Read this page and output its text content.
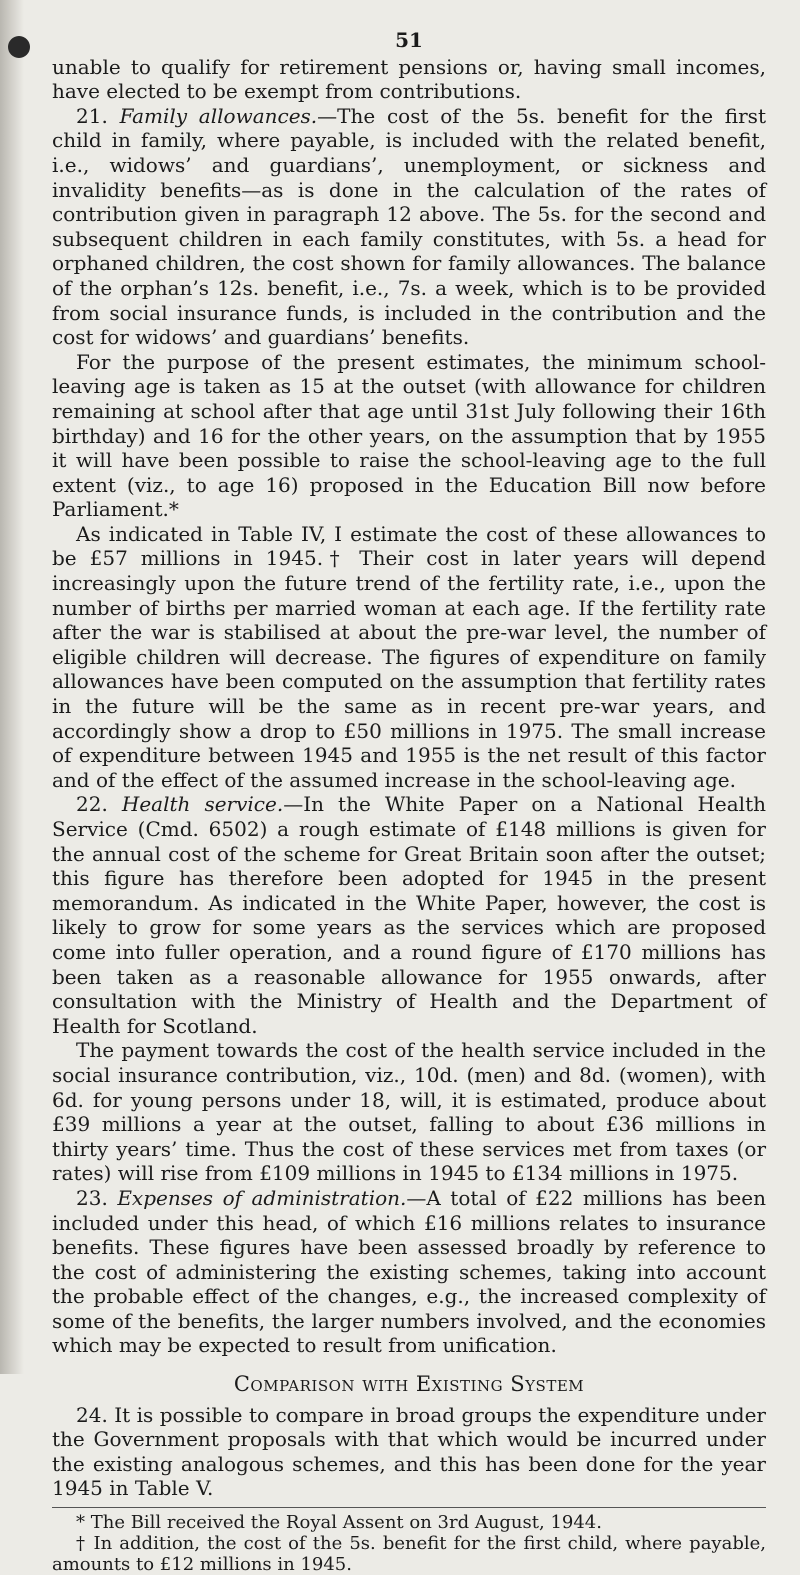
51

unable to qualify for retirement pensions or, having small incomes, have elected to be exempt from contributions.

21. Family allowances.—The cost of the 5s. benefit for the first child in family, where payable, is included with the related benefit, i.e., widows’ and guardians’, unemployment, or sickness and invalidity benefits—as is done in the calculation of the rates of contribution given in paragraph 12 above. The 5s. for the second and subsequent children in each family constitutes, with 5s. a head for orphaned children, the cost shown for family allowances. The balance of the orphan’s 12s. benefit, i.e., 7s. a week, which is to be provided from social insurance funds, is included in the contribution and the cost for widows’ and guardians’ benefits.

For the purpose of the present estimates, the minimum school-leaving age is taken as 15 at the outset (with allowance for children remaining at school after that age until 31st July following their 16th birthday) and 16 for the other years, on the assumption that by 1955 it will have been possible to raise the school-leaving age to the full extent (viz., to age 16) proposed in the Education Bill now before Parliament.*

As indicated in Table IV, I estimate the cost of these allowances to be £57 millions in 1945.† Their cost in later years will depend increasingly upon the future trend of the fertility rate, i.e., upon the number of births per married woman at each age. If the fertility rate after the war is stabilised at about the pre-war level, the number of eligible children will decrease. The figures of expenditure on family allowances have been computed on the assumption that fertility rates in the future will be the same as in recent pre-war years, and accordingly show a drop to £50 millions in 1975. The small increase of expenditure between 1945 and 1955 is the net result of this factor and of the effect of the assumed increase in the school-leaving age.

22. Health service.—In the White Paper on a National Health Service (Cmd. 6502) a rough estimate of £148 millions is given for the annual cost of the scheme for Great Britain soon after the outset; this figure has therefore been adopted for 1945 in the present memorandum. As indicated in the White Paper, however, the cost is likely to grow for some years as the services which are proposed come into fuller operation, and a round figure of £170 millions has been taken as a reasonable allowance for 1955 onwards, after consultation with the Ministry of Health and the Department of Health for Scotland.

The payment towards the cost of the health service included in the social insurance contribution, viz., 10d. (men) and 8d. (women), with 6d. for young persons under 18, will, it is estimated, produce about £39 millions a year at the outset, falling to about £36 millions in thirty years’ time. Thus the cost of these services met from taxes (or rates) will rise from £109 millions in 1945 to £134 millions in 1975.

23. Expenses of administration.—A total of £22 millions has been included under this head, of which £16 millions relates to insurance benefits. These figures have been assessed broadly by reference to the cost of administering the existing schemes, taking into account the probable effect of the changes, e.g., the increased complexity of some of the benefits, the larger numbers involved, and the economies which may be expected to result from unification.

Comparison with Existing System

24. It is possible to compare in broad groups the expenditure under the Government proposals with that which would be incurred under the existing analogous schemes, and this has been done for the year 1945 in Table V.

* The Bill received the Royal Assent on 3rd August, 1944.

† In addition, the cost of the 5s. benefit for the first child, where payable, amounts to £12 millions in 1945.
